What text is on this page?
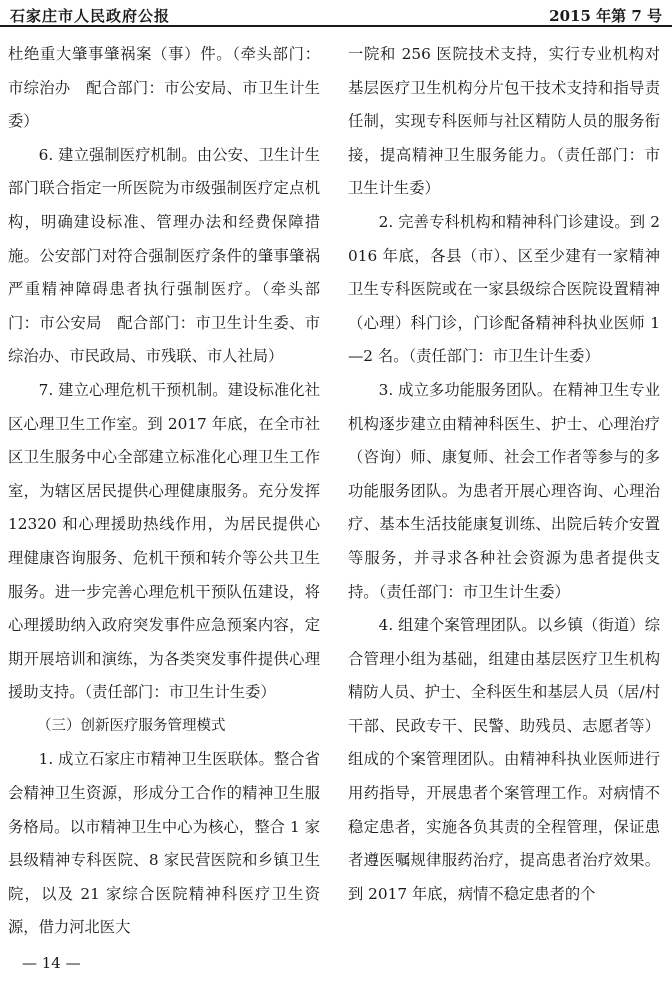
石家庄市人民政府公报	2015 年第 7 号

杜绝重大肇事肇祸案（事）件。（牵头部门：市综治办　配合部门：市公安局、市卫生计生委）

6. 建立强制医疗机制。由公安、卫生计生部门联合指定一所医院为市级强制医疗定点机构，明确建设标准、管理办法和经费保障措施。公安部门对符合强制医疗条件的肇事肇祸严重精神障碍患者执行强制医疗。（牵头部门：市公安局　配合部门：市卫生计生委、市综治办、市民政局、市残联、市人社局）

7. 建立心理危机干预机制。建设标准化社区心理卫生工作室。到 2017 年底，在全市社区卫生服务中心全部建立标准化心理卫生工作室，为辖区居民提供心理健康服务。充分发挥 12320 和心理援助热线作用，为居民提供心理健康咨询服务、危机干预和转介等公共卫生服务。进一步完善心理危机干预队伍建设，将心理援助纳入政府突发事件应急预案内容，定期开展培训和演练，为各类突发事件提供心理援助支持。（责任部门：市卫生计生委）

（三）创新医疗服务管理模式

1. 成立石家庄市精神卫生医联体。整合省会精神卫生资源，形成分工合作的精神卫生服务格局。以市精神卫生中心为核心，整合 1 家县级精神专科医院、8 家民营医院和乡镇卫生院，以及 21 家综合医院精神科医疗卫生资源，借力河北医大

一院和 256 医院技术支持，实行专业机构对基层医疗卫生机构分片包干技术支持和指导责任制，实现专科医师与社区精防人员的服务衔接，提高精神卫生服务能力。（责任部门：市卫生计生委）

2. 完善专科机构和精神科门诊建设。到 2016 年底，各县（市）、区至少建有一家精神卫生专科医院或在一家县级综合医院设置精神（心理）科门诊，门诊配备精神科执业医师 1—2 名。（责任部门：市卫生计生委）

3. 成立多功能服务团队。在精神卫生专业机构逐步建立由精神科医生、护士、心理治疗（咨询）师、康复师、社会工作者等参与的多功能服务团队。为患者开展心理咨询、心理治疗、基本生活技能康复训练、出院后转介安置等服务，并寻求各种社会资源为患者提供支持。（责任部门：市卫生计生委）

4. 组建个案管理团队。以乡镇（街道）综合管理小组为基础，组建由基层医疗卫生机构精防人员、护士、全科医生和基层人员（居/村干部、民政专干、民警、助残员、志愿者等）组成的个案管理团队。由精神科执业医师进行用药指导，开展患者个案管理工作。对病情不稳定患者，实施各负其责的全程管理，保证患者遵医嘱规律服药治疗，提高患者治疗效果。到 2017 年底，病情不稳定患者的个

— 14 —
